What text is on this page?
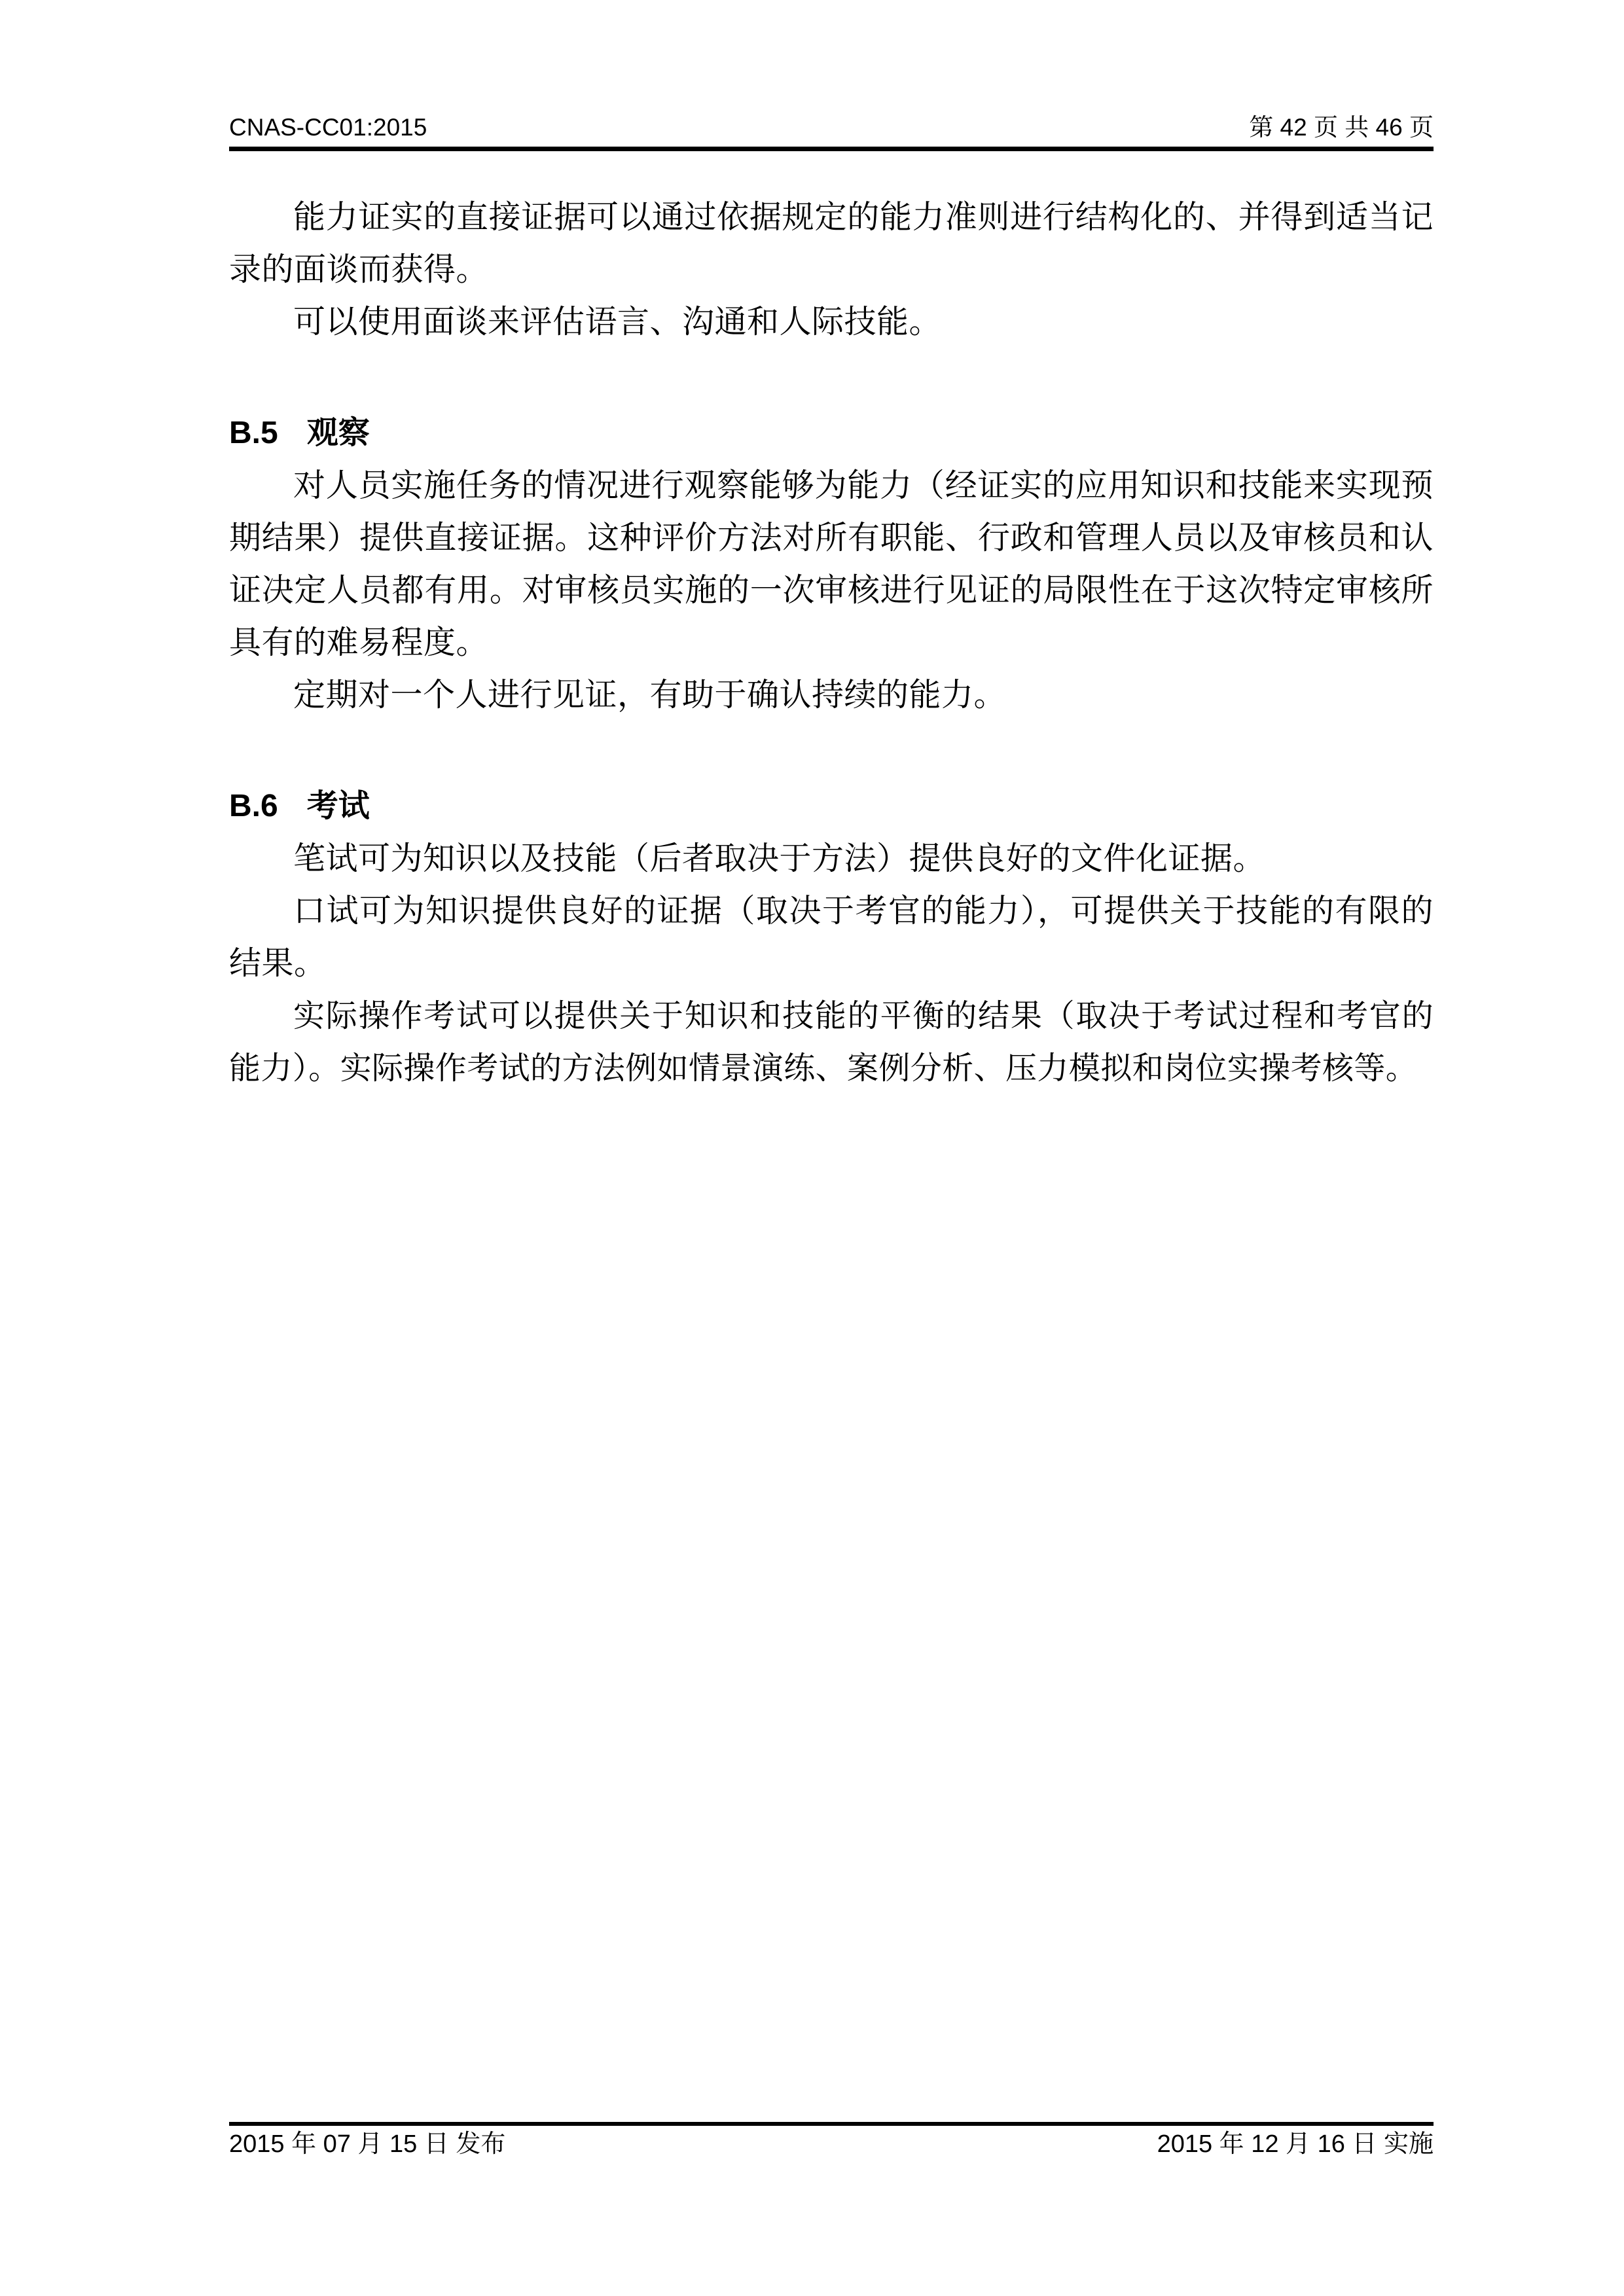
CNAS-CC01:2015	第 42 页 共 46 页

能力证实的直接证据可以通过依据规定的能力准则进行结构化的、并得到适当记录的面谈而获得。

可以使用面谈来评估语言、沟通和人际技能。

B.5 观察

对人员实施任务的情况进行观察能够为能力（经证实的应用知识和技能来实现预期结果）提供直接证据。这种评价方法对所有职能、行政和管理人员以及审核员和认证决定人员都有用。对审核员实施的一次审核进行见证的局限性在于这次特定审核所具有的难易程度。

定期对一个人进行见证，有助于确认持续的能力。

B.6 考试

笔试可为知识以及技能（后者取决于方法）提供良好的文件化证据。

口试可为知识提供良好的证据（取决于考官的能力），可提供关于技能的有限的结果。

实际操作考试可以提供关于知识和技能的平衡的结果（取决于考试过程和考官的能力）。实际操作考试的方法例如情景演练、案例分析、压力模拟和岗位实操考核等。

2015 年 07 月 15 日 发布	2015 年 12 月 16 日 实施
